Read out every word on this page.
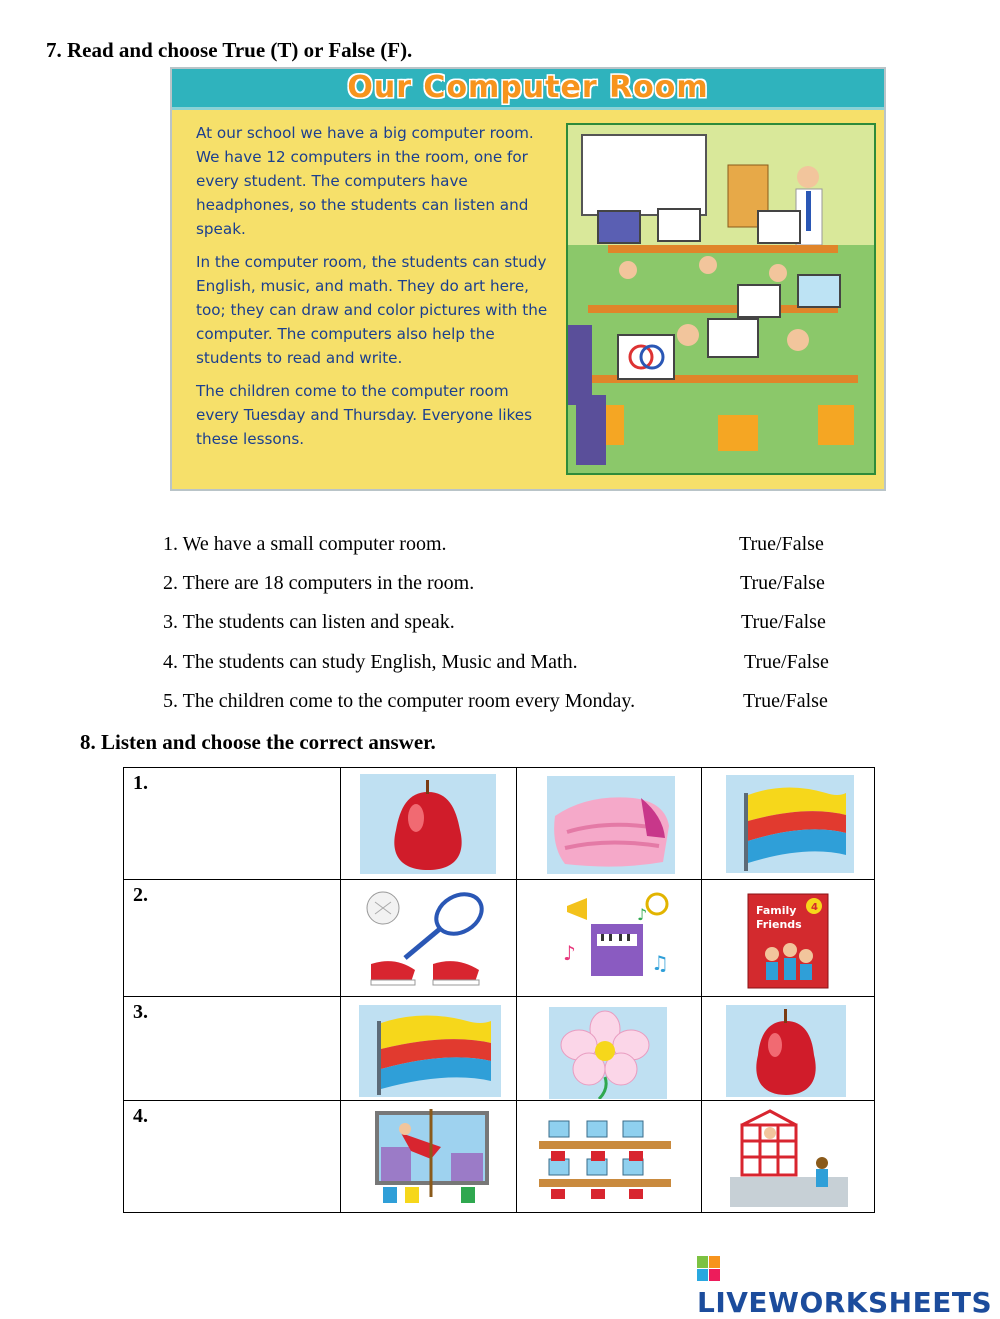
7. Read and choose True (T) or False (F).
Our Computer Room

At our school we have a big computer room. We have 12 computers in the room, one for every student. The computers have headphones, so the students can listen and speak.

In the computer room, the students can study English, music, and math. They do art here, too; they can draw and color pictures with the computer. The computers also help the students to read and write.

The children come to the computer room every Tuesday and Thursday. Everyone likes these lessons.

1. We have a small computer room.	True/False
2. There are 18 computers in the room.	True/False
3. The students can listen and speak.	True/False
4. The students can study English, Music and Math.	True/False
5. The children come to the computer room every Monday.	True/False
8. Listen and choose the correct answer.
1.

2.		♪ ♫
♪	Family
Friends
4

3.

4.

LIVEWORKSHEETS
